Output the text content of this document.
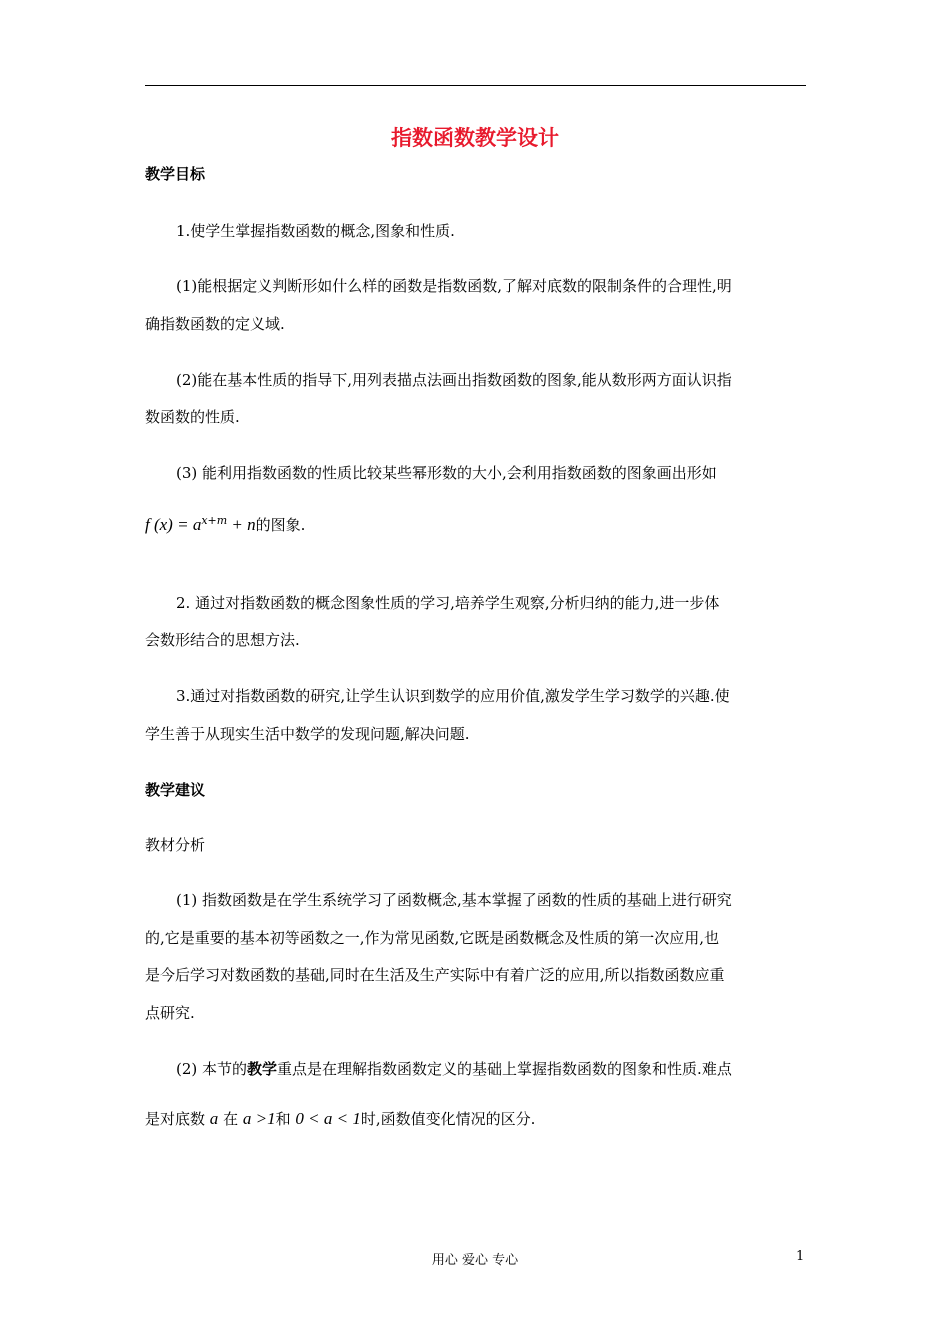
指数函数教学设计
教学目标
1.使学生掌握指数函数的概念,图象和性质.
(1)能根据定义判断形如什么样的函数是指数函数,了解对底数的限制条件的合理性,明
确指数函数的定义域.
(2)能在基本性质的指导下,用列表描点法画出指数函数的图象,能从数形两方面认识指
数函数的性质.
(3) 能利用指数函数的性质比较某些幂形数的大小,会利用指数函数的图象画出形如
f $(x) = a^{x+m} + n$的图象.
2. 通过对指数函数的概念图象性质的学习,培养学生观察,分析归纳的能力,进一步体
会数形结合的思想方法.
3.通过对指数函数的研究,让学生认识到数学的应用价值,激发学生学习数学的兴趣.使
学生善于从现实生活中数学的发现问题,解决问题.
教学建议
教材分析
(1) 指数函数是在学生系统学习了函数概念,基本掌握了函数的性质的基础上进行研究
的,它是重要的基本初等函数之一,作为常见函数,它既是函数概念及性质的第一次应用,也
是今后学习对数函数的基础,同时在生活及生产实际中有着广泛的应用,所以指数函数应重
点研究.
(2) 本节的教学重点是在理解指数函数定义的基础上掌握指数函数的图象和性质.难点
是对底数 a 在 a >1和 0 < a < 1时,函数值变化情况的区分.
用心 爱心 专心	1
